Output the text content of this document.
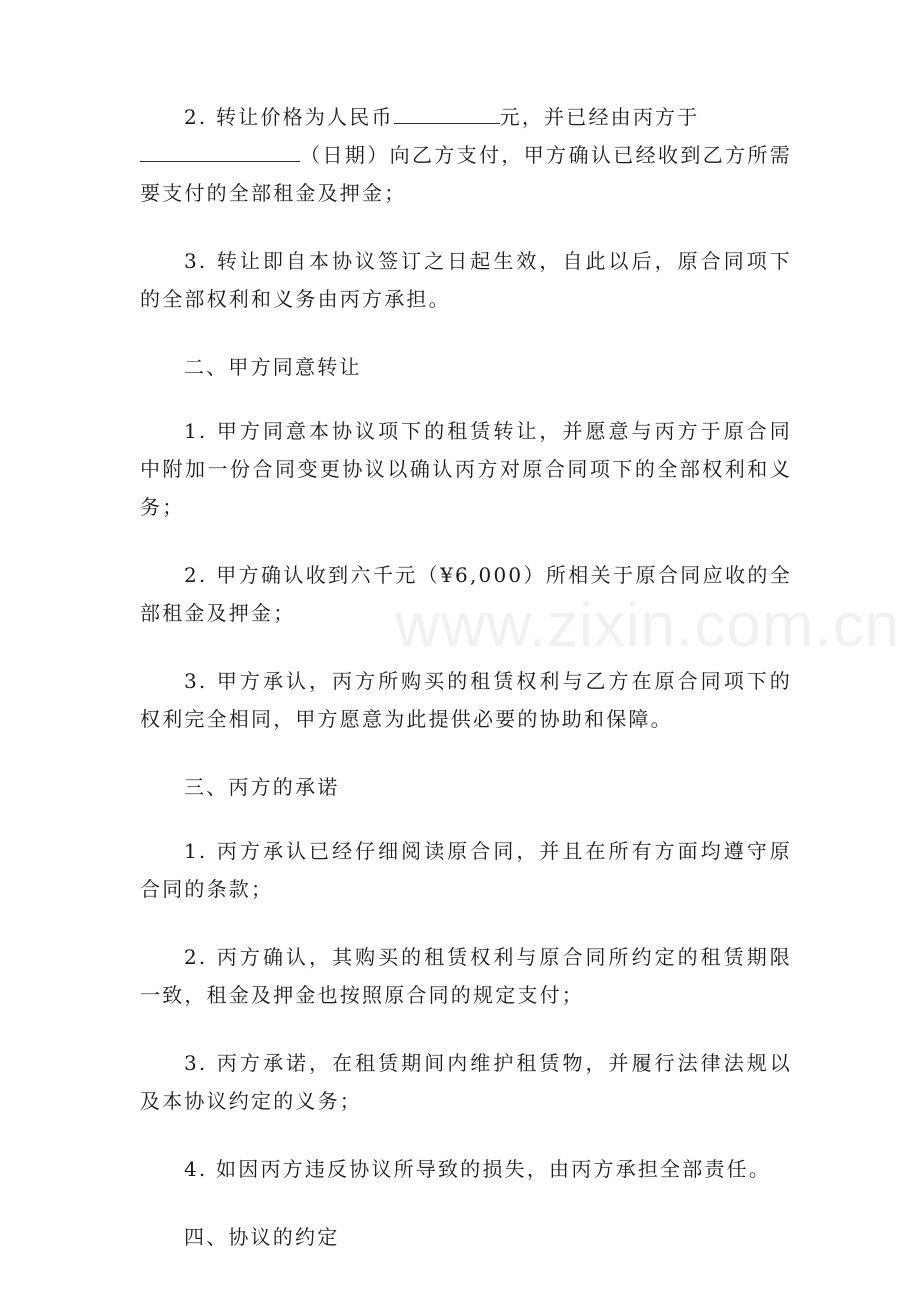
2. 转让价格为人民币	元，并已经由丙方于
（日期）向乙方支付，甲方确认已经收到乙方所需要支付的全部租金及押金；

3. 转让即自本协议签订之日起生效，自此以后，原合同项下的全部权利和义务由丙方承担。

二、甲方同意转让

1. 甲方同意本协议项下的租赁转让，并愿意与丙方于原合同中附加一份合同变更协议以确认丙方对原合同项下的全部权利和义务；

2. 甲方确认收到六千元（¥6,000）所相关于原合同应收的全部租金及押金；

3. 甲方承认，丙方所购买的租赁权利与乙方在原合同项下的权利完全相同，甲方愿意为此提供必要的协助和保障。

三、丙方的承诺

1. 丙方承认已经仔细阅读原合同，并且在所有方面均遵守原合同的条款；

2. 丙方确认，其购买的租赁权利与原合同所约定的租赁期限一致，租金及押金也按照原合同的规定支付；

3. 丙方承诺，在租赁期间内维护租赁物，并履行法律法规以及本协议约定的义务；

4. 如因丙方违反协议所导致的损失，由丙方承担全部责任。

四、协议的约定

www.zixin.com.cn
